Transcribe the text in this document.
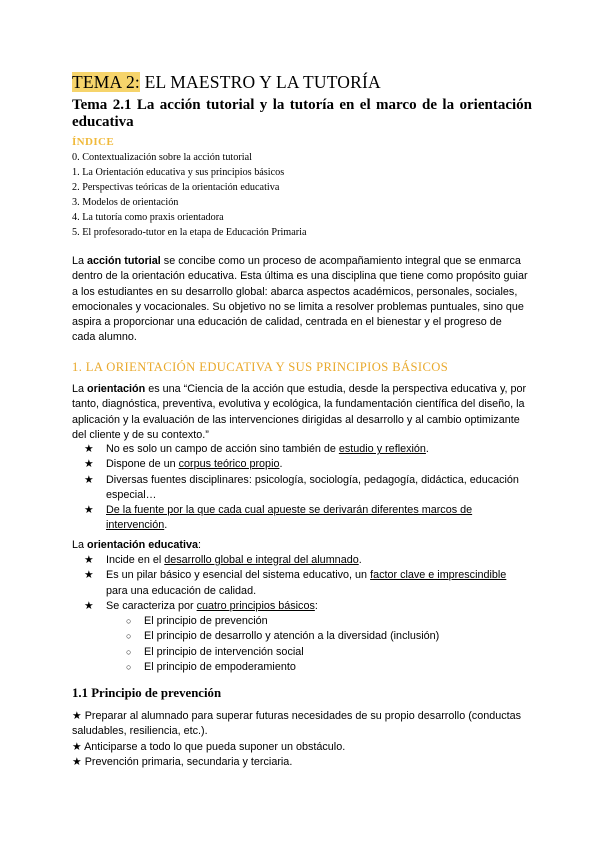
TEMA 2: EL MAESTRO Y LA TUTORÍA
Tema 2.1 La acción tutorial y la tutoría en el marco de la orientación educativa
ÍNDICE
0. Contextualización sobre la acción tutorial
1. La Orientación educativa y sus principios básicos
2. Perspectivas teóricas de la orientación educativa
3. Modelos de orientación
4. La tutoría como praxis orientadora
5. El profesorado-tutor en la etapa de Educación Primaria
La acción tutorial se concibe como un proceso de acompañamiento integral que se enmarca dentro de la orientación educativa. Esta última es una disciplina que tiene como propósito guiar a los estudiantes en su desarrollo global: abarca aspectos académicos, personales, sociales, emocionales y vocacionales. Su objetivo no se limita a resolver problemas puntuales, sino que aspira a proporcionar una educación de calidad, centrada en el bienestar y el progreso de cada alumno.
1. LA ORIENTACIÓN EDUCATIVA Y SUS PRINCIPIOS BÁSICOS
La orientación es una “Ciencia de la acción que estudia, desde la perspectiva educativa y, por tanto, diagnóstica, preventiva, evolutiva y ecológica, la fundamentación científica del diseño, la aplicación y la evaluación de las intervenciones dirigidas al desarrollo y al cambio optimizante del cliente y de su contexto.”
★ No es solo un campo de acción sino también de estudio y reflexión.
★ Dispone de un corpus teórico propio.
★ Diversas fuentes disciplinares: psicología, sociología, pedagogía, didáctica, educación especial…
★ De la fuente por la que cada cual apueste se derivarán diferentes marcos de intervención.
La orientación educativa:
★ Incide en el desarrollo global e integral del alumnado.
★ Es un pilar básico y esencial del sistema educativo, un factor clave e imprescindible para una educación de calidad.
★ Se caracteriza por cuatro principios básicos:
○ El principio de prevención
○ El principio de desarrollo y atención a la diversidad (inclusión)
○ El principio de intervención social
○ El principio de empoderamiento
1.1 Principio de prevención
★ Preparar al alumnado para superar futuras necesidades de su propio desarrollo (conductas saludables, resiliencia, etc.).
★ Anticiparse a todo lo que pueda suponer un obstáculo.
★ Prevención primaria, secundaria y terciaria.
